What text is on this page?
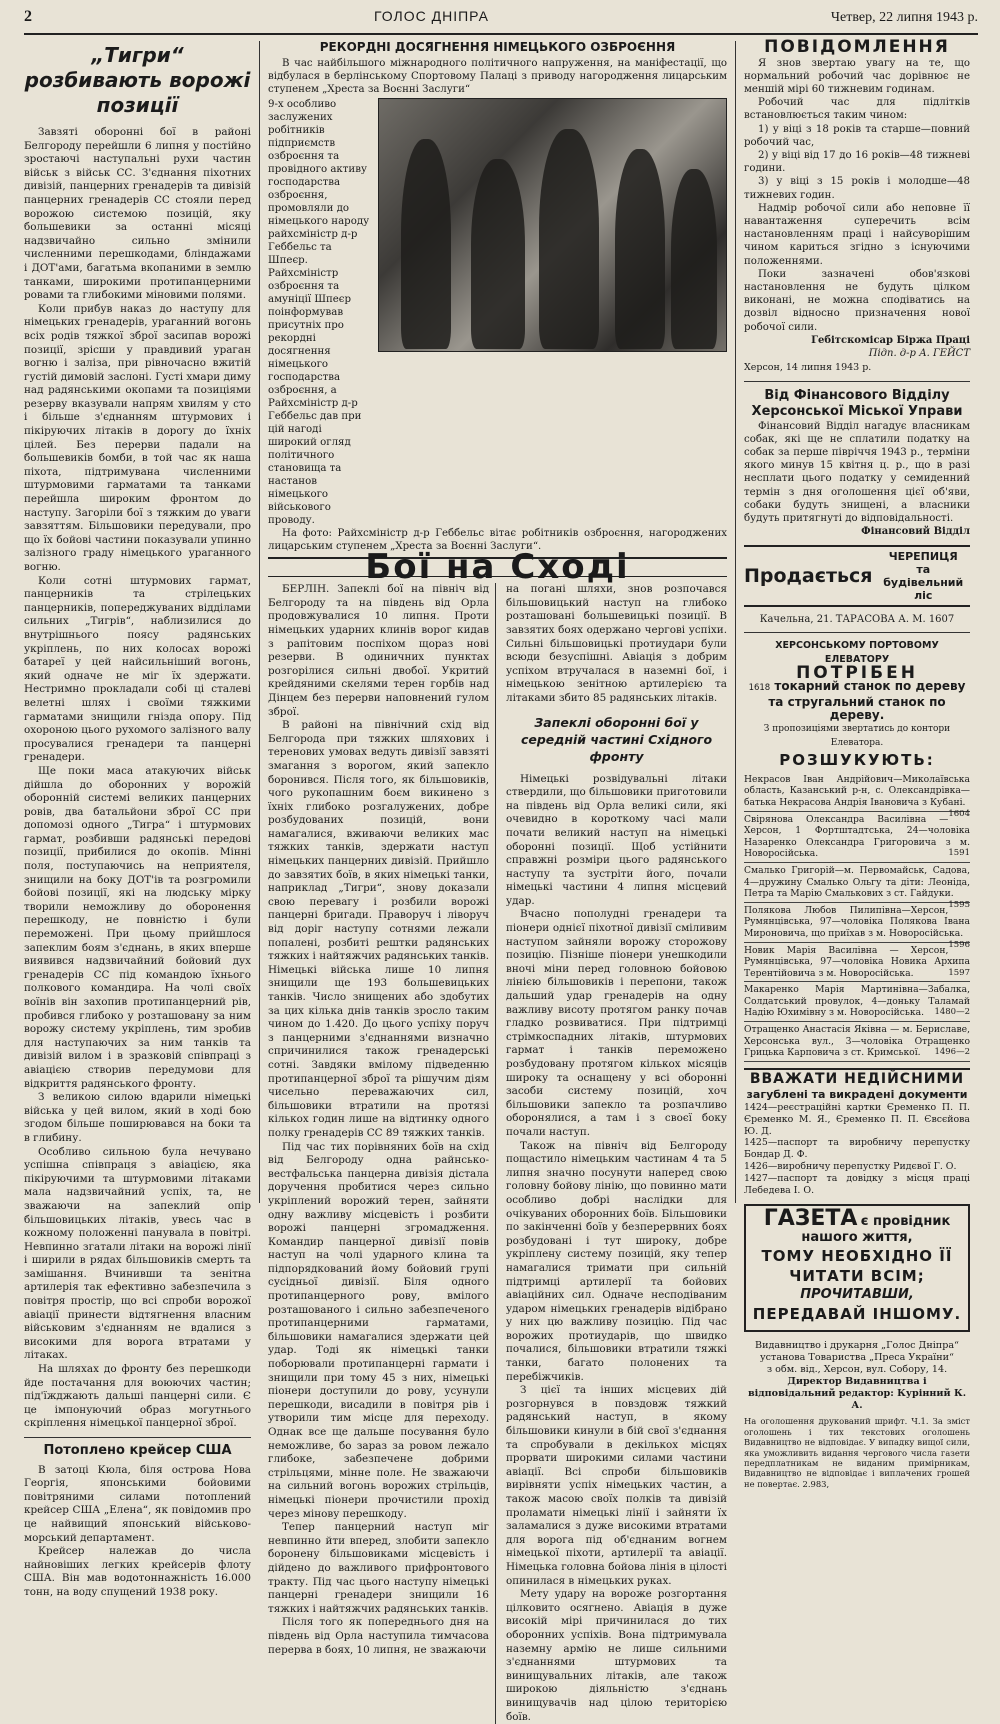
2	ГОЛОС ДНІПРА	Четвер, 22 липня 1943 р.
„Тигри“ розбивають ворожі позиції

Завзяті оборонні бої в районі Белгороду перейшли 6 липня у постійно зростаючі наступальні рухи частин військ з військ СС. З'єднання піхотних дивізій, панцерних гренадерів та дивізій панцерних гренадерів СС стояли перед ворожою системою позицій, яку большевики за останні місяці надзвичайно сильно змінили численними перешкодами, бліндажами і ДОТ'ами, багатьма вкопаними в землю танками, широкими протипанцерними ровами та глибокими міновими полями.

Коли прибув наказ до наступу для німецьких гренадерів, ураганний вогонь всіх родів тяжкої зброї засипав ворожі позиції, зрісши у правдивий ураган вогню і заліза, при рівночасно вжитій густій димовій заслоні. Густі хмари диму над радянськими окопами та позиціями резерву вказували напрям хвилям у сто і більше з'єднанням штурмових і пікіруючих літаків в дорогу до їхніх цілей. Без перерви падали на большевиків бомби, в той час як наша піхота, підтримувана численними штурмовими гарматами та танками перейшла широким фронтом до наступу. Загоріли бої з тяжким до уваги завзяттям. Більшовики передували, про що їх бойові частини показували упинно залізного граду німецького ураганного вогню.

Коли сотні штурмових гармат, панцерників та стрілецьких панцерників, попереджуваних відділами сильних „Тигрів“, наблизилися до внутрішнього поясу радянських укріплень, по них колосах ворожі батареї у цей найсильніший вогонь, який одначе не міг їх здержати. Нестримно прокладали собі ці сталеві велетні шлях і своїми тяжкими гарматами знищили гнізда опору. Під охороною цього рухомого залізного валу просувалися гренадери та панцерні гренадери.

Ще поки маса атакуючих військ дійшла до оборонних у ворожій оборонній системі великих панцерних ровів, два батальйони зброї СС при допомозі одного „Тигра“ і штурмових гармат, розбивши радянські передові позиції, прибилися до окопів. Мінні поля, поступаючись на неприятеля, знищили на боку ДОТ'ів та розгромили бойові позиції, які на людську мірку творили неможливу до оборонення перешкоду, не повністю і були переможені. При цьому прийшлося запеклим боям з'єднань, в яких вперше виявився надзвичайний бойовий дух гренадерів СС під командою їхнього полкового командира. На чолі своїх воїнів він захопив протипанцерний рів, пробився глибоко у розташовану за ним ворожу систему укріплень, тим зробив для наступаючих за ним танків та дивізій вилом і в зразковій співпраці з авіацією створив передумови для відкриття радянського фронту.

З великою силою вдарили німецькі війська у цей вилом, який в ході бою згодом більше поширювався на боки та в глибину.

Особливо сильною була нечувано успішна співпраця з авіацією, яка пікіруючими та штурмовими літаками мала надзвичайний успіх, та, не зважаючи на запеклий опір більшовицьких літаків, увесь час в кожному положенні панувала в повітрі. Невпинно згатали літаки на ворожі лінії і ширили в рядах більшовиків смерть та замішання. Вчинивши та зенітна артилерія так ефективно забезпечила з повітря простір, що всі спроби ворожої авіації принести відтягнення власним військовим з'єднанням не вдалися з високими для ворога втратами у літаках.

На шляхах до фронту без перешкоди йде постачання для воюючих частин; під'їжджають дальші панцерні сили. Є це імпонуючий образ могутнього скріплення німецької панцерної зброї.

Потоплено крейсер США

В затоці Кюла, біля острова Нова Георгія, японськими бойовими повітряними силами потоплений крейсер США „Елена“, як повідомив про це найвищий японський військово-морський департамент.

Крейсер належав до числа найновіших легких крейсерів флоту США. Він мав водотоннажність 16.000 тонн, на воду спущений 1938 року.

РЕКОРДНІ ДОСЯГНЕННЯ НІМЕЦЬКОГО ОЗБРОЄННЯ

В час найбільшого міжнародного політичного напруження, на маніфестації, що відбулася в берлінському Спортовому Палаці з приводу нагородження лицарським ступенем „Хреста за Воєнні Заслуги“

9-х особливо заслужених робітників підприємств озброєння та провідного активу господарства озброєння, промовляли до німецького народу райхсміністр д-р Геббельс та Шпеєр. Райхсміністр озброєння та амуніції Шпеєр поінформував присутніх про рекордні досягнення німецького господарства озброєння, а Райхсміністр д-р Геббельс дав при цій нагоді широкий огляд політичного становища та настанов німецького військового проводу.

На фото: Райхсміністр д-р Геббельс вітає робітників озброєння, нагороджених лицарським ступенем „Хреста за Воєнні Заслуги“.

Бої на Сході

БЕРЛІН. Запеклі бої на північ від Белгороду та на південь від Орла продовжувалися 10 липня. Проти німецьких ударних клинів ворог кидав з рапітовим поспіхом щораз нові резерви. В одиничних пунктах розгорілися сильні двобої. Укритий крейдяними скелями терен горбів над Дінцем без перерви наповнений гулом зброї.

В районі на північний схід від Белгорода при тяжких шляхових і теренових умовах ведуть дивізії завзяті змагання з ворогом, який запекло боронився. Після того, як більшовиків, чого рукопашним боєм викинено з їхніх глибоко розгалужених, добре розбудованих позицій, вони намагалися, вживаючи великих мас тяжких танків, здержати наступ німецьких панцерних дивізій. Прийшло до завзятих боїв, в яких німецькі танки, наприклад „Тигри“, знову доказали свою перевагу і розбили ворожі панцерні бригади. Праворуч і ліворуч від доріг наступу сотнями лежали попалені, розбиті рештки радянських тяжких і найтяжчих радянських танків. Німецькі війська лише 10 липня знищили ще 193 большевицьких танків. Число знищених або здобутих за цих кілька днів танків зросло таким чином до 1.420. До цього успіху поруч з панцерними з'єднаннями визначно спричинилися також гренадерські сотні. Завдяки вмілому підведенню протипанцерної зброї та рішучим діям чисельно переважаючих сил, більшовики втратили на протязі кількох годин лише на відтинку одного полку гренадерів СС 89 тяжких танків.

Під час тих порівняних боїв на схід від Белгороду одна райнсько-вестфальська панцерна дивізія дістала доручення пробитися через сильно укріплений ворожий терен, зайняти одну важливу місцевість і розбити ворожі панцерні згромадження. Командир панцерної дивізії повів наступ на чолі ударного клина та підпорядкований йому бойовий групі сусідньої дивізії. Біля одного протипанцерного рову, вмілого розташованого і сильно забезпеченого протипанцерними гарматами, більшовики намагалися здержати цей удар. Тоді як німецькі танки поборювали протипанцерні гармати і знищили при тому 45 з них, німецькі піонери доступили до рову, усунули перешкоди, висадили в повітря рів і утворили тим місце для переходу. Однак все ще дальше посування було неможливе, бо зараз за ровом лежало глибоке, забезпечене добрими стрільцями, мінне поле. Не зважаючи на сильний вогонь ворожих стрільців, німецькі піонери прочистили прохід через мінову перешкоду.

Тепер панцерний наступ міг невпинно йти вперед, злобити запекло боронену більшовиками місцевість і дійдено до важливого прифронтового тракту. Під час цього наступу німецькі панцерні гренадери знищили 16 тяжких і найтяжчих радянських танків.

Після того як попереднього дня на південь від Орла наступила тимчасова перерва в боях, 10 липня, не зважаючи

на погані шляхи, знов розпочався більшовицький наступ на глибоко розташовані большевицькі позиції. В завзятих боях одержано чергові успіхи. Сильні більшовицькі протиудари були всюди безуспішні. Авіація з добрим успіхом втручалася в наземні бої, і німецькою зенітною артилерією та літаками збито 85 радянських літаків.

Запеклі оборонні бої у середній частині Східного фронту

Німецькі розвідувальні літаки ствердили, що більшовики приготовили на південь від Орла великі сили, які очевидно в короткому часі мали почати великий наступ на німецькі оборонні позиції. Щоб устійнити справжні розміри цього радянського наступу та зустріти його, почали німецькі частини 4 липня місцевий удар.

Вчасно пополудні гренадери та піонери однієї піхотної дивізії сміливим наступом зайняли ворожу сторожову позицію. Пізніше піонери унешкодили вночі міни перед головною бойовою лінією більшовиків і перепони, також дальший удар гренадерів на одну важливу висоту протягом ранку почав гладко розвиватися. При підтримці стрімкоспадних літаків, штурмових гармат і танків переможено розбудовану протягом кількох місяців широку та оснащену у всі оборонні засоби систему позицій, хоч більшовики запекло та розпачливо оборонялися, а там і з своєї боку почали наступ.

Також на північ від Белгороду пощастило німецьким частинам 4 та 5 липня значно посунути наперед свою головну бойову лінію, що повинно мати особливо добрі наслідки для очікуваних оборонних боїв. Більшовики по закінченні боїв у безперервних боях розбудовані і тут широку, добре укріплену систему позицій, яку тепер намагалися тримати при сильній підтримці артилерії та бойових авіаційних сил. Одначе несподіваним ударом німецьких гренадерів відібрано у них цю важливу позицію. Під час ворожих протиударів, що швидко почалися, більшовики втратили тяжкі танки, багато полонених та перебіжчиків.

З цієї та інших місцевих дій розгорнувся в повздовж тяжкий радянський наступ, в якому більшовики кинули в бій свої з'єднання та спробували в декількох місцях прорвати широкими силами частини авіації. Всі спроби більшовиків вирівняти успіх німецьких частин, а також масою своїх полків та дивізій проламати німецькі лінії і зайняти їх заламалися з дуже високими втратами для ворога під об'єднаним вогнем німецької піхоти, артилерії та авіації. Німецька головна бойова лінія в цілості опинилася в німецьких руках.

Мету удару на вороже розгортання цілковито осягнено. Авіація в дуже високій мірі причинилася до тих оборонних успіхів. Вона підтримувала наземну армію не лише сильними з'єднаннями штурмових та винищувальних літаків, але також широкою діяльністю з'єднань винищувачів над цілою територією боїв.

ПОВІДОМЛЕННЯ

Я знов звертаю увагу на те, що нормальний робочий час дорівнює не меншій мірі 60 тижневим годинам.

Робочий час для підлітків встановлюється таким чином:

1) у віці з 18 років та старше—повний робочий час,

2) у віці від 17 до 16 років—48 тижневі години.

3) у віці з 15 років і молодше—48 тижневих годин.

Надмір робочої сили або неповне її навантаження суперечить всім настановленням праці і найсуворішим чином кариться згідно з існуючими положеннями.

Поки зазначені обов'язкові настановлення не будуть цілком виконані, не можна сподіватись на дозвіл відносно призначення нової робочої сили.

Гебітскомісар Біржа Праці
Підп. д-р А. ГЕЙСТ
Херсон, 14 липня 1943 р.
Від Фінансового Відділу Херсонської Міської Управи

Фінансовий Відділ нагадує власникам собак, які ще не сплатили податку на собак за перше півріччя 1943 р., терміни якого минув 15 квітня ц. р., що в разі несплати цього податку у семиденний термін з дня оголошення цієї об'яви, собаки будуть знищені, а власники будуть притягнуті до відповідальності.

Фінансовий Відділ
Продається
ЧЕРЕПИЦЯ
та будівельний ліс
Качельна, 21. ТАРАСОВА А. М. 1607
ХЕРСОНСЬКОМУ ПОРТОВОМУ ЕЛЕВАТОРУ
ПОТРІБЕН
1618 токарний станок по дереву та стругальний станок по дереву.
З пропозиціями звертатись до контори Елеватора.
РОЗШУКУЮТЬ:
Некрасов Іван Андрійович—Миколаївська область, Казанський р-н, с. Олександрівка—батька Некрасова Андрія Івановича з Кубані.
1604
Свірянова Олександра Василівна — Херсон, 1 Фортштадтська, 24—чоловіка Назаренко Олександра Григоровича з м. Новоросійська.	1591
Смалько Григорій—м. Первомайськ, Садова, 4—дружину Смалько Ольгу та діти: Леоніда, Петра та Марію Смалькових з ст. Гайдуки.
1595
Полякова Любов Пилипівна—Херсон, Румянцівська, 97—чоловіка Полякова Івана Мироновича, що приїхав з м. Новоросійська.
1596
Новик Марія Василівна — Херсон, Румянцівська, 97—чоловіка Новика Архипа Терентійовича з м. Новоросійська.	1597
Макаренко Марія Мартинівна—Забалка, Солдатський провулок, 4—доньку Таламай Надію Юхимівну з м. Новоросійська. 1480—2
Отращенко Анастасія Яківна — м. Бериславе, Херсонська вул., 3—чоловіка Отращенко Грицька Карповича з ст. Кримської. 1496—2
ВВАЖАТИ НЕДІЙСНИМИ
загублені та викрадені документи
1424—реєстраційні картки Єременко П. П. Єременко М. Я., Єременко П. П. Євсєйова Ю. Д.
1425—паспорт та виробничу перепустку Бондар Д. Ф.
1426—виробничу перепустку Ридєвої Г. О.
1427—паспорт та довідку з місця праці Лебедева І. О.
ГАЗЕТА є провідник нашого життя,
ТОМУ НЕОБХІДНО ЇЇ
ЧИТАТИ ВСІМ;
ПРОЧИТАВШИ,
ПЕРЕДАВАЙ ІНШОМУ.
Видавництво і друкарня „Голос Дніпра“ установа Товариства „Преса України“
з обм. від., Херсон, вул. Собору, 14.
Директор Видавництва і відповідальний редактор: Курінний К. А.
На оголошення друкований шрифт. Ч.1. За зміст оголошень і тих текстових оголошень Видавництво не відповідає. У випадку вищої сили, яка уможливить видання чергового числа газети передплатникам не виданим примірникам, Видавництво не відповідає і виплачених грошей не повертає. 2.983,
